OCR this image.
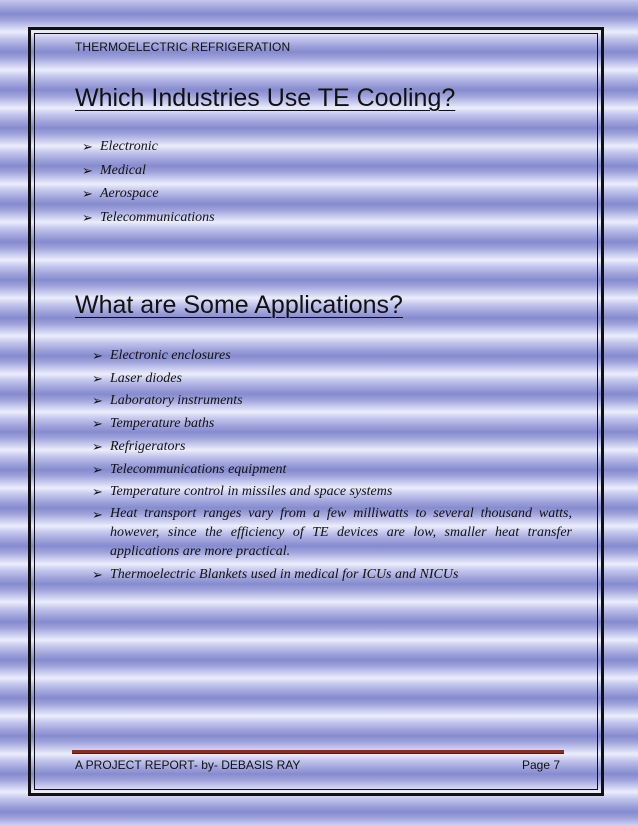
THERMOELECTRIC REFRIGERATION
Which Industries Use TE Cooling?
➢ Electronic
➢ Medical
➢ Aerospace
➢ Telecommunications
What are Some Applications?
➢ Electronic enclosures
➢ Laser diodes
➢ Laboratory instruments
➢ Temperature baths
➢ Refrigerators
➢ Telecommunications equipment
➢ Temperature control in missiles and space systems
➢ Heat transport ranges vary from a few milliwatts to several thousand watts, however, since the efficiency of TE devices are low, smaller heat transfer applications are more practical.
➢ Thermoelectric Blankets used in medical for ICUs and NICUs
A PROJECT REPORT- by- DEBASIS RAY	Page 7
